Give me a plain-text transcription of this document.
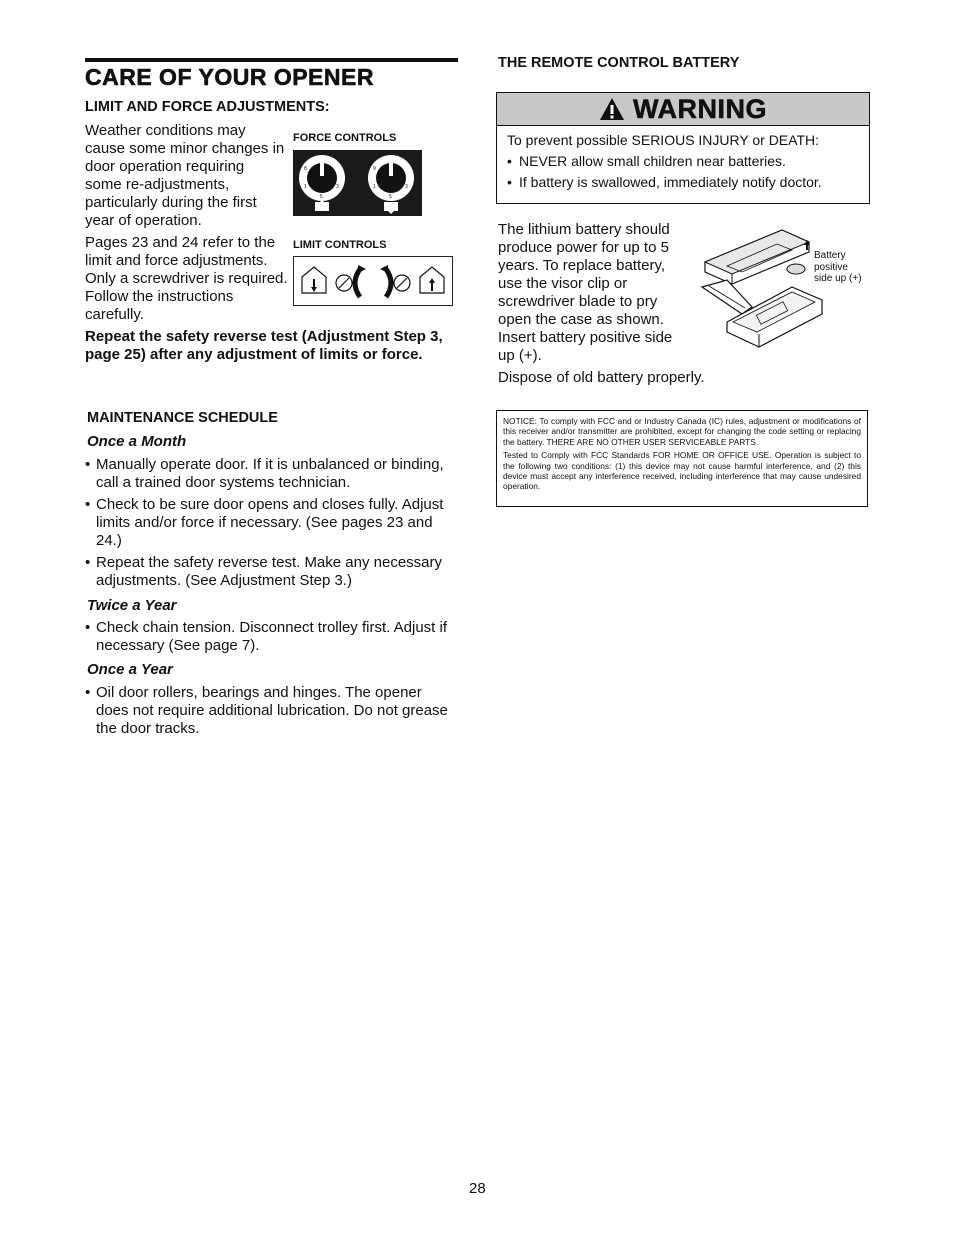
CARE OF YOUR OPENER
LIMIT AND FORCE ADJUSTMENTS:

Weather conditions may cause some minor changes in door operation requiring some re-adjustments, particularly during the first year of operation.

Pages 23 and 24 refer to the limit and force adjustments. Only a screwdriver is required. Follow the instructions carefully.

FORCE CONTROLS
8
1
5
3
9
1
5
3
LIMIT CONTROLS

Repeat the safety reverse test (Adjustment Step 3, page 25) after any adjustment of limits or force.

MAINTENANCE SCHEDULE

Once a Month

• Manually operate door. If it is unbalanced or binding, call a trained door systems technician.
• Check to be sure door opens and closes fully. Adjust limits and/or force if necessary. (See pages 23 and 24.)
• Repeat the safety reverse test. Make any necessary adjustments. (See Adjustment Step 3.)

Twice a Year

• Check chain tension. Disconnect trolley first. Adjust if necessary (See page 7).

Once a Year

• Oil door rollers, bearings and hinges. The opener does not require additional lubrication. Do not grease the door tracks.
THE REMOTE CONTROL BATTERY
WARNING
To prevent possible SERIOUS INJURY or DEATH:
• NEVER allow small children near batteries.
• If battery is swallowed, immediately notify doctor.

The lithium battery should produce power for up to 5 years. To replace battery, use the visor clip or screwdriver blade to pry open the case as shown. Insert battery positive side up (+).

Dispose of old battery properly.

Battery
positive
side up (+)

NOTICE: To comply with FCC and or Industry Canada (IC) rules, adjustment or modifications of this receiver and/or transmitter are prohibited, except for changing the code setting or replacing the battery. THERE ARE NO OTHER USER SERVICEABLE PARTS.

Tested to Comply with FCC Standards FOR HOME OR OFFICE USE. Operation is subject to the following two conditions: (1) this device may not cause harmful interference, and (2) this device must accept any interference received, including interference that may cause undesired operation.

28
